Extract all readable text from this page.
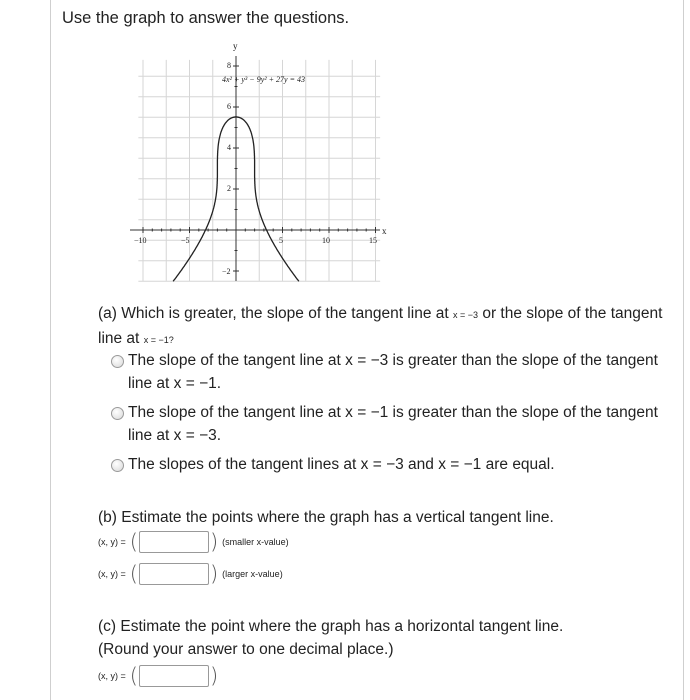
Use the graph to answer the questions.
4x² + y³ − 9y² + 27y = 43
x
y
−10	−5	5	10	15
8
6
4
2
−2
(a) Which is greater, the slope of the tangent line at x = −3 or the slope of the tangent line at x = −1?
The slope of the tangent line at x = −3 is greater than the slope of the tangent line at x = −1.
The slope of the tangent line at x = −1 is greater than the slope of the tangent line at x = −3.
The slopes of the tangent lines at x = −3 and x = −1 are equal.
(b) Estimate the points where the graph has a vertical tangent line.
(x, y) = (	) (smaller x-value)
(x, y) = (	) (larger x-value)
(c) Estimate the point where the graph has a horizontal tangent line.
(Round your answer to one decimal place.)
(x, y) = (	)
